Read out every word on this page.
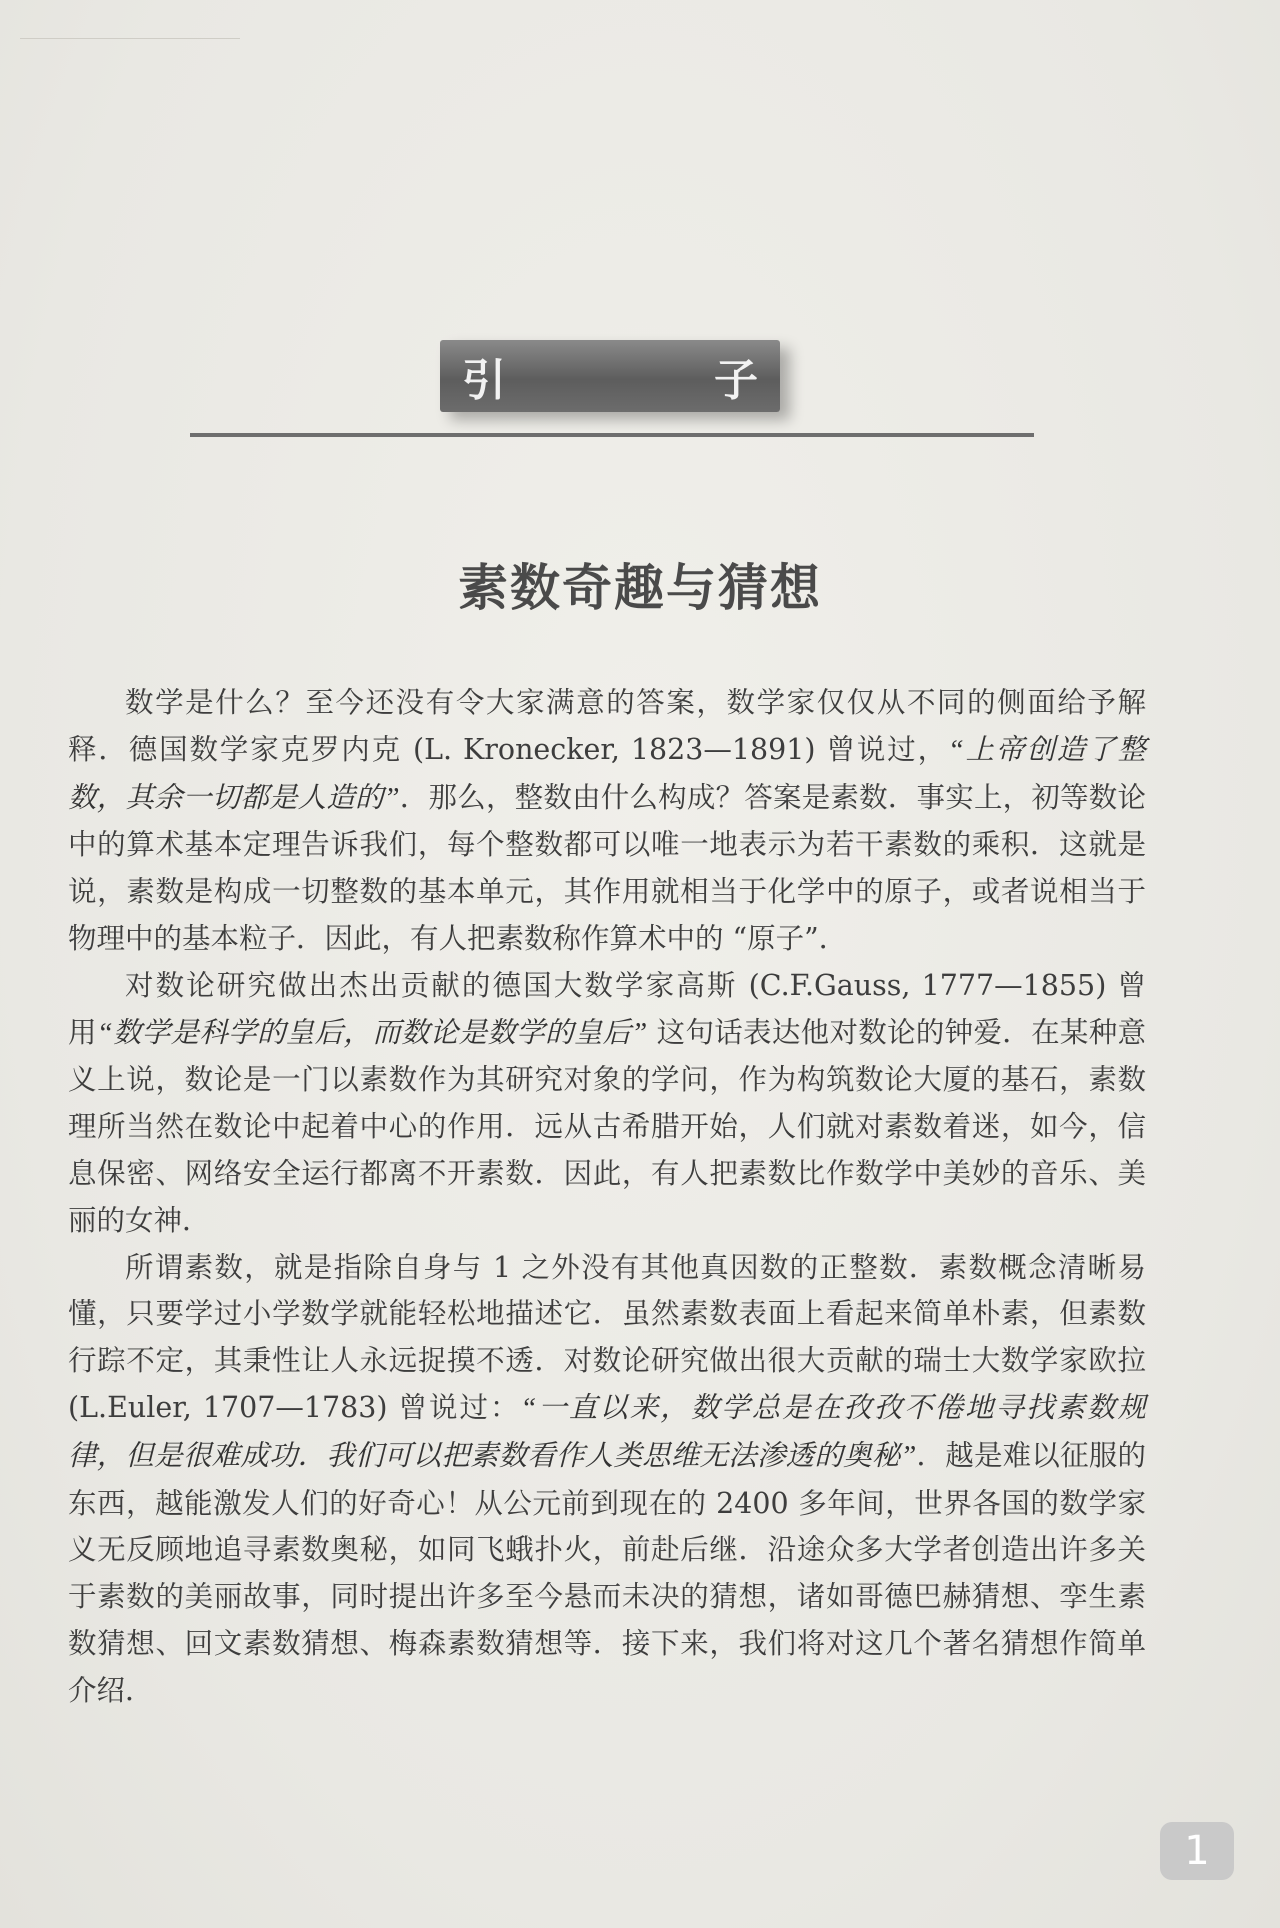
引　子
素数奇趣与猜想

数学是什么？至今还没有令大家满意的答案，数学家仅仅从不同的侧面给予解释．德国数学家克罗内克 (L. Kronecker, 1823—1891) 曾说过，“上帝创造了整数，其余一切都是人造的”．那么，整数由什么构成？答案是素数．事实上，初等数论中的算术基本定理告诉我们，每个整数都可以唯一地表示为若干素数的乘积．这就是说，素数是构成一切整数的基本单元，其作用就相当于化学中的原子，或者说相当于物理中的基本粒子．因此，有人把素数称作算术中的 “原子”．

对数论研究做出杰出贡献的德国大数学家高斯 (C.F.Gauss, 1777—1855) 曾用“数学是科学的皇后，而数论是数学的皇后” 这句话表达他对数论的钟爱．在某种意义上说，数论是一门以素数作为其研究对象的学问，作为构筑数论大厦的基石，素数理所当然在数论中起着中心的作用．远从古希腊开始，人们就对素数着迷，如今，信息保密、网络安全运行都离不开素数．因此，有人把素数比作数学中美妙的音乐、美丽的女神．

所谓素数，就是指除自身与 1 之外没有其他真因数的正整数．素数概念清晰易懂，只要学过小学数学就能轻松地描述它．虽然素数表面上看起来简单朴素，但素数行踪不定，其秉性让人永远捉摸不透．对数论研究做出很大贡献的瑞士大数学家欧拉 (L.Euler, 1707—1783) 曾说过：“一直以来，数学总是在孜孜不倦地寻找素数规律，但是很难成功．我们可以把素数看作人类思维无法渗透的奥秘”．越是难以征服的东西，越能激发人们的好奇心！从公元前到现在的 2400 多年间，世界各国的数学家义无反顾地追寻素数奥秘，如同飞蛾扑火，前赴后继．沿途众多大学者创造出许多关于素数的美丽故事，同时提出许多至今悬而未决的猜想，诸如哥德巴赫猜想、孪生素数猜想、回文素数猜想、梅森素数猜想等．接下来，我们将对这几个著名猜想作简单介绍．

1
